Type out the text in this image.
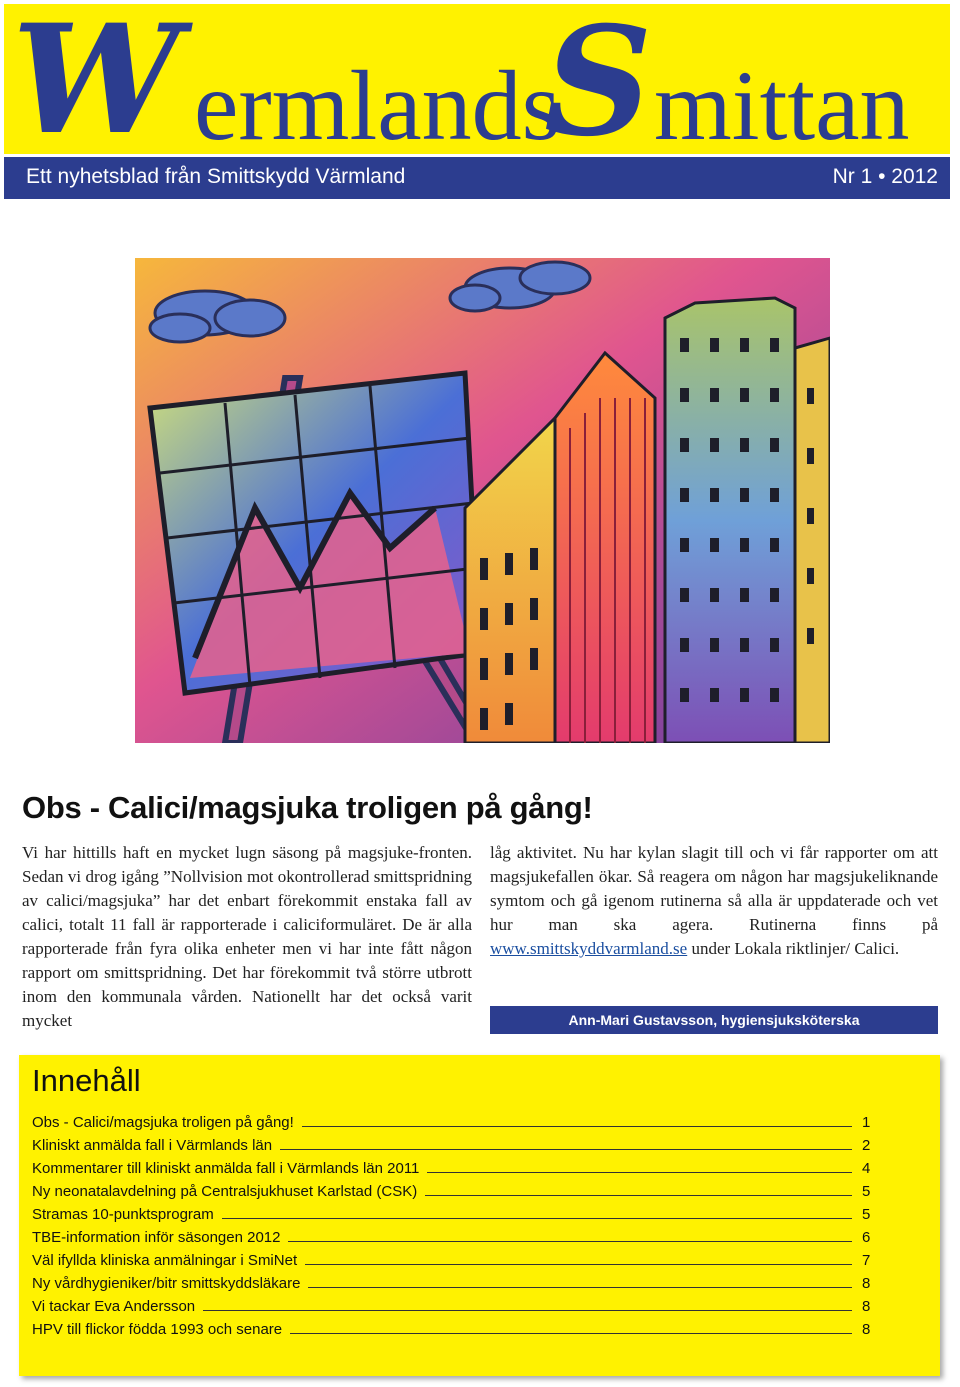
W ermlands
S mittan
Ett nyhetsblad från Smittskydd Värmland	Nr 1 • 2012
Obs - Calici/magsjuka troligen på gång!
Vi har hittills haft en mycket lugn säsong på magsjuke-fronten. Sedan vi drog igång ”Nollvision mot okontrollerad smittspridning av calici/magsjuka” har det enbart förekommit enstaka fall av calici, totalt 11 fall är rapporterade i caliciformuläret. De är alla rapporterade från fyra olika enheter men vi har inte fått någon rapport om smittspridning. Det har förekommit två större utbrott inom den kommunala vården. Nationellt har det också varit mycket
låg aktivitet. Nu har kylan slagit till och vi får rapporter om att magsjukefallen ökar. Så reagera om någon har magsjukeliknande symtom och gå igenom rutinerna så alla är uppdaterade och vet hur man ska agera. Rutinerna finns på www.smittskyddvarmland.se under Lokala riktlinjer/ Calici.
Ann-Mari Gustavsson, hygiensjuksköterska
Innehåll
Obs - Calici/magsjuka troligen på gång!	1
Kliniskt anmälda fall i Värmlands län	2
Kommentarer till kliniskt anmälda fall i Värmlands län 2011	4
Ny neonatalavdelning på Centralsjukhuset Karlstad (CSK)	5
Stramas 10-punktsprogram	5
TBE-information inför säsongen 2012	6
Väl ifyllda kliniska anmälningar i SmiNet	7
Ny vårdhygieniker/bitr smittskyddsläkare	8
Vi tackar Eva Andersson	8
HPV till flickor födda 1993 och senare	8
